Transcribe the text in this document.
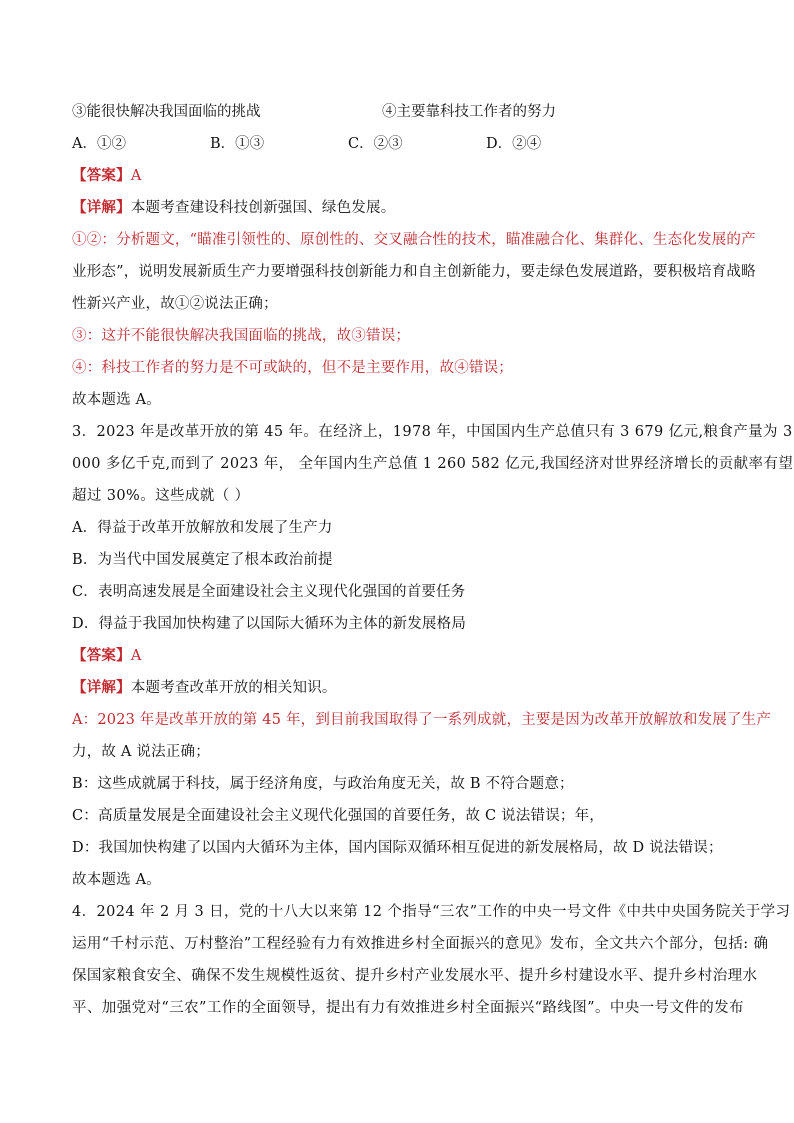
③能很快解决我国面临的挑战	④主要靠科技工作者的努力
A．①②	B．①③	C．②③	D．②④
【答案】A
【详解】本题考查建设科技创新强国、绿色发展。
①②：分析题文，“瞄准引领性的、原创性的、交叉融合性的技术，瞄准融合化、集群化、生态化发展的产
业形态”，说明发展新质生产力要增强科技创新能力和自主创新能力，要走绿色发展道路，要积极培育战略
性新兴产业，故①②说法正确；
③：这并不能很快解决我国面临的挑战，故③错误；
④：科技工作者的努力是不可或缺的，但不是主要作用，故④错误；
故本题选 A。
3．2023 年是改革开放的第 45 年。在经济上，1978 年，中国国内生产总值只有 3 679 亿元,粮食产量为 3
000 多亿千克,而到了 2023 年， 全年国内生产总值 1 260 582 亿元,我国经济对世界经济增长的贡献率有望
超过 30%。这些成就（ ）
A．得益于改革开放解放和发展了生产力
B．为当代中国发展奠定了根本政治前提
C．表明高速发展是全面建设社会主义现代化强国的首要任务
D．得益于我国加快构建了以国际大循环为主体的新发展格局
【答案】A
【详解】本题考查改革开放的相关知识。
A：2023 年是改革开放的第 45 年，到目前我国取得了一系列成就，主要是因为改革开放解放和发展了生产
力，故 A 说法正确；
B：这些成就属于科技，属于经济角度，与政治角度无关，故 B 不符合题意；
C：高质量发展是全面建设社会主义现代化强国的首要任务，故 C 说法错误；年，
D：我国加快构建了以国内大循环为主体，国内国际双循环相互促进的新发展格局，故 D 说法错误；
故本题选 A。
4．2024 年 2 月 3 日，党的十八大以来第 12 个指导“三农”工作的中央一号文件《中共中央国务院关于学习
运用“千村示范、万村整治”工程经验有力有效推进乡村全面振兴的意见》发布，全文共六个部分，包括: 确
保国家粮食安全、确保不发生规模性返贫、提升乡村产业发展水平、提升乡村建设水平、提升乡村治理水
平、加强党对“三农”工作的全面领导，提出有力有效推进乡村全面振兴“路线图”。中央一号文件的发布
